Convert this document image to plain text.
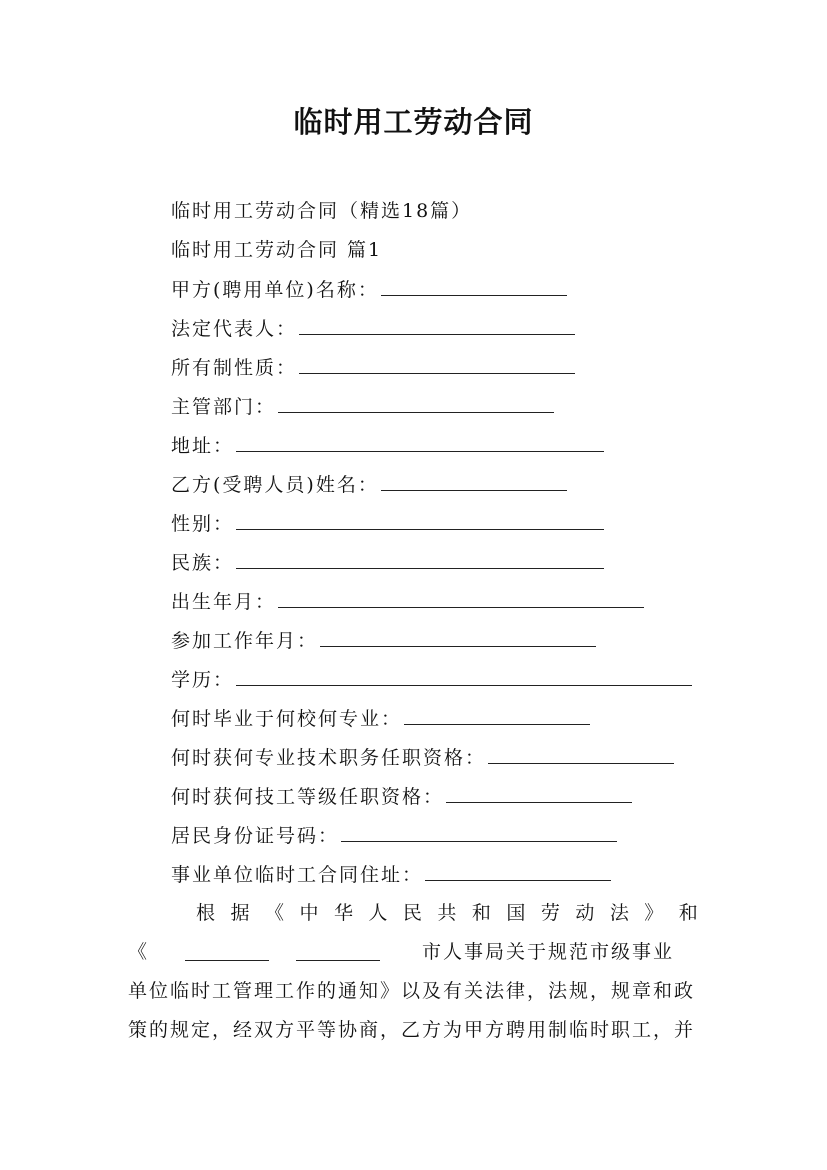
临时用工劳动合同
临时用工劳动合同（精选18篇）
临时用工劳动合同 篇1
甲方(聘用单位)名称：
法定代表人：
所有制性质：
主管部门：
地址：
乙方(受聘人员)姓名：
性别：
民族：
出生年月：
参加工作年月：
学历：
何时毕业于何校何专业：
何时获何专业技术职务任职资格：
何时获何技工等级任职资格：
居民身份证号码：
事业单位临时工合同住址：
根 据 《 中 华 人 民 共 和 国 劳 动 法 》 和
《	市人事局关于规范市级事业
单位临时工管理工作的通知》以及有关法律，法规，规章和政
策的规定，经双方平等协商，乙方为甲方聘用制临时职工，并
